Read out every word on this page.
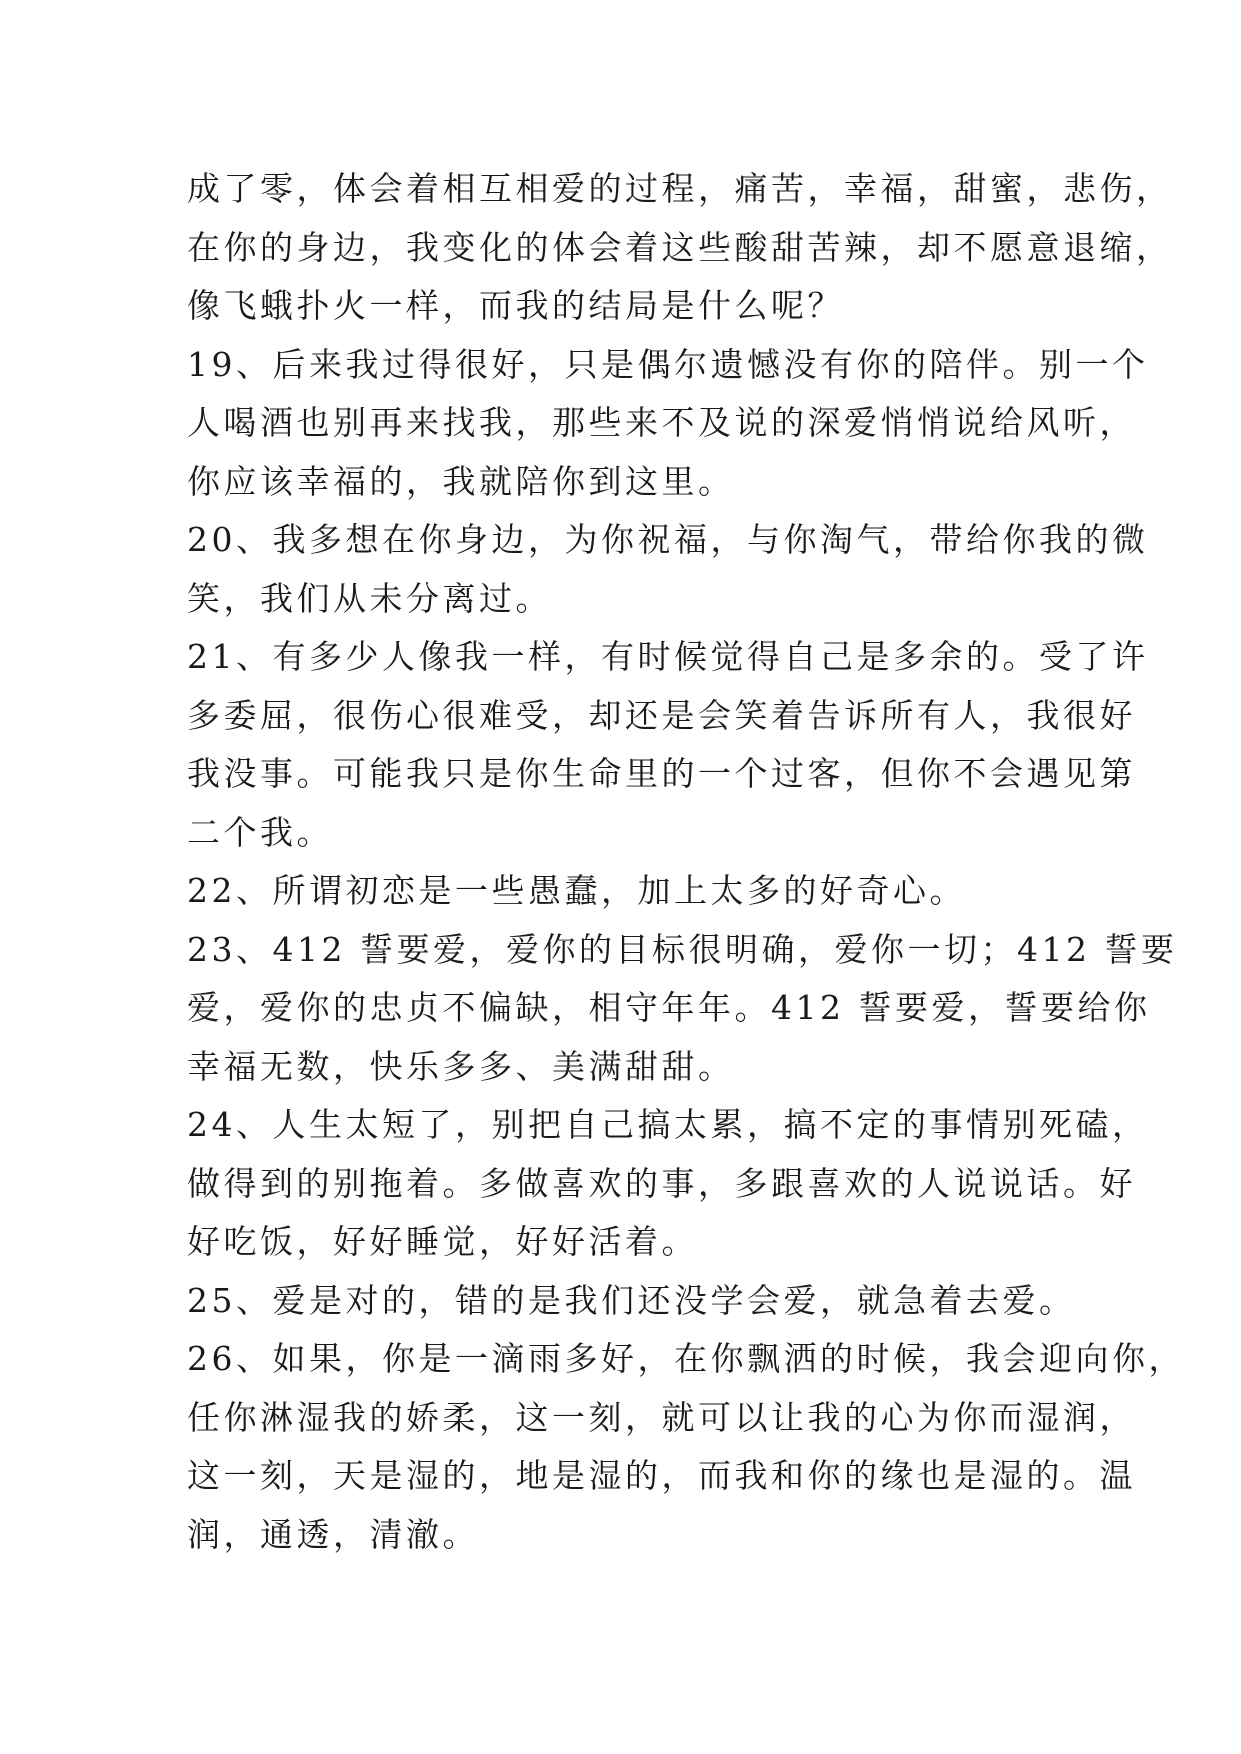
成了零，体会着相互相爱的过程，痛苦，幸福，甜蜜，悲伤，
在你的身边，我变化的体会着这些酸甜苦辣，却不愿意退缩，
像飞蛾扑火一样，而我的结局是什么呢？
19、后来我过得很好，只是偶尔遗憾没有你的陪伴。别一个
人喝酒也别再来找我，那些来不及说的深爱悄悄说给风听，
你应该幸福的，我就陪你到这里。
20、我多想在你身边，为你祝福，与你淘气，带给你我的微
笑，我们从未分离过。
21、有多少人像我一样，有时候觉得自己是多余的。受了许
多委屈，很伤心很难受，却还是会笑着告诉所有人，我很好
我没事。可能我只是你生命里的一个过客，但你不会遇见第
二个我。
22、所谓初恋是一些愚蠢，加上太多的好奇心。
23、412 誓要爱，爱你的目标很明确，爱你一切；412 誓要
爱，爱你的忠贞不偏缺，相守年年。412 誓要爱，誓要给你
幸福无数，快乐多多、美满甜甜。
24、人生太短了，别把自己搞太累，搞不定的事情别死磕，
做得到的别拖着。多做喜欢的事，多跟喜欢的人说说话。好
好吃饭，好好睡觉，好好活着。
25、爱是对的，错的是我们还没学会爱，就急着去爱。
26、如果，你是一滴雨多好，在你飘洒的时候，我会迎向你，
任你淋湿我的娇柔，这一刻，就可以让我的心为你而湿润，
这一刻，天是湿的，地是湿的，而我和你的缘也是湿的。温
润，通透，清澈。
